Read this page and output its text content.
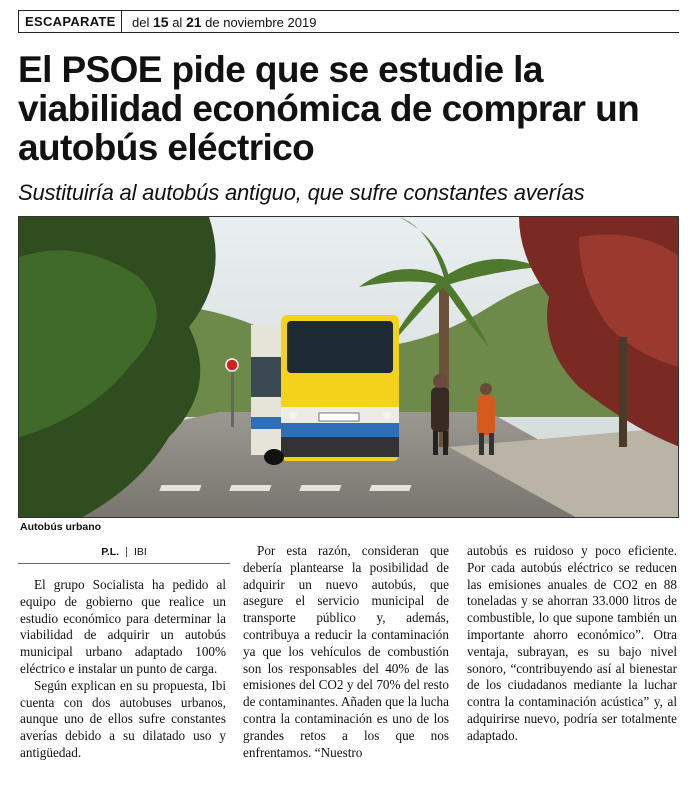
ESCAPARATE	del 15 al 21 de noviembre 2019
El PSOE pide que se estudie la viabilidad económica de comprar un autobús eléctrico
Sustituiría al autobús antiguo, que sufre constantes averías
Autobús urbano
P.L. IBI

El grupo Socialista ha pedido al equipo de gobierno que realice un estudio económico para determinar la viabilidad de adquirir un autobús municipal urbano adaptado 100% eléctrico e instalar un punto de carga.

Según explican en su propuesta, Ibi cuenta con dos autobuses urbanos, aunque uno de ellos sufre constantes averías debido a su dilatado uso y antigüedad.

Por esta razón, consideran que debería plantearse la posibilidad de adquirir un nuevo autobús, que asegure el servicio municipal de transporte público y, además, contribuya a reducir la contaminación ya que los vehículos de combustión son los responsables del 40% de las emisiones del CO2 y del 70% del resto de contaminantes. Añaden que la lucha contra la contaminación es uno de los grandes retos a los que nos enfrentamos. “Nuestro

autobús es ruidoso y poco eficiente. Por cada autobús eléctrico se reducen las emisiones anuales de CO2 en 88 toneladas y se ahorran 33.000 litros de combustible, lo que supone también un importante ahorro económico”. Otra ventaja, subrayan, es su bajo nivel sonoro, “contribuyendo así al bienestar de los ciudadanos mediante la luchar contra la contaminación acústica” y, al adquirirse nuevo, podría ser totalmente adaptado.
